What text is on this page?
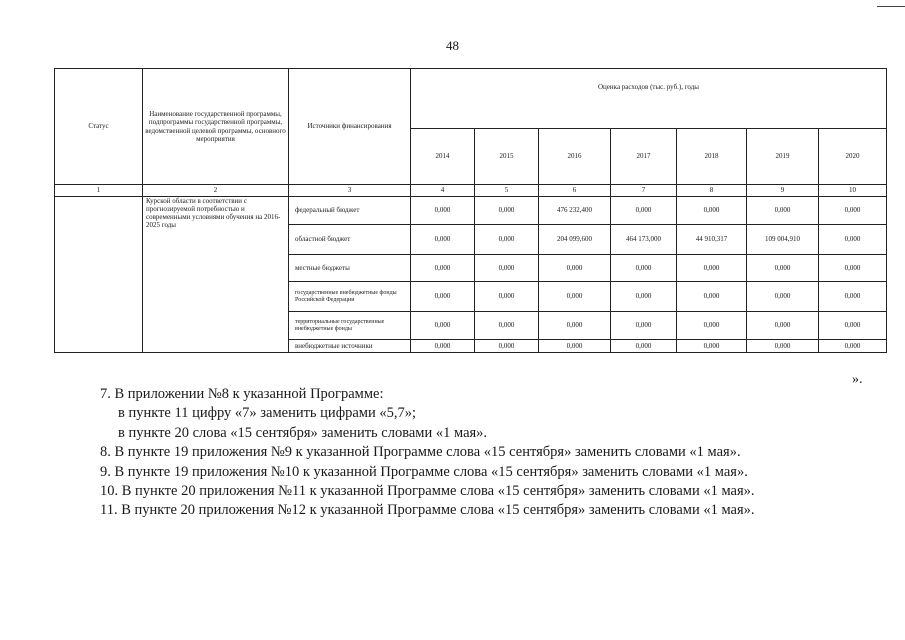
48
Статус	Наименование государственной программы, подпрограммы государственной программы, ведомственной целевой программы, основного мероприятия	Источники финансирования	Оценка расходов (тыс. руб.), годы						
			2014	2015	2016	2017	2018	2019	2020
1	2	3	4	5	6	7	8	9	10
	Курской области в соответствии с прогнозируемой потребностью и современными условиями обучения на 2016-2025 годы	федеральный бюджет	0,000	0,000	476 232,400	0,000	0,000	0,000	0,000
		областной бюджет	0,000	0,000	204 099,600	464 173,000	44 910,317	109 004,910	0,000
		местные бюджеты	0,000	0,000	0,000	0,000	0,000	0,000	0,000
		государственные внебюджетные фонды Российской Федерации	0,000	0,000	0,000	0,000	0,000	0,000	0,000
		территориальные государственные внебюджетные фонды	0,000	0,000	0,000	0,000	0,000	0,000	0,000
		внебюджетные источники	0,000	0,000	0,000	0,000	0,000	0,000	0,000
».

7. В приложении №8 к указанной Программе:

в пункте 11 цифру «7» заменить цифрами «5,7»;

в пункте 20 слова «15 сентября» заменить словами «1 мая».

8. В пункте 19 приложения №9 к указанной Программе слова «15 сентября» заменить словами «1 мая».

9. В пункте 19 приложения №10 к указанной Программе слова «15 сентября» заменить словами «1 мая».

10. В пункте 20 приложения №11 к указанной Программе слова «15 сентября» заменить словами «1 мая».

11. В пункте 20 приложения №12 к указанной Программе слова «15 сентября» заменить словами «1 мая».
